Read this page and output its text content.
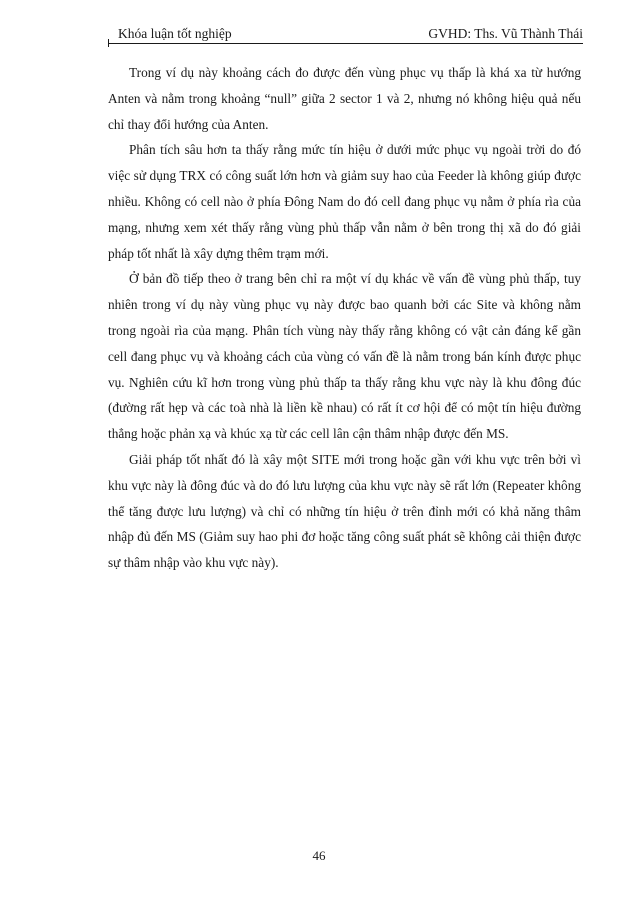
Khóa luận tốt nghiệp	GVHD: Ths. Vũ Thành Thái

Trong ví dụ này khoảng cách đo được đến vùng phục vụ thấp là khá xa từ hướng Anten và nằm trong khoảng “null” giữa 2 sector 1 và 2, nhưng nó không hiệu quả nếu chỉ thay đổi hướng của Anten.

Phân tích sâu hơn ta thấy rằng mức tín hiệu ở dưới mức phục vụ ngoài trời do đó việc sử dụng TRX có công suất lớn hơn và giảm suy hao của Feeder là không giúp được nhiều. Không có cell nào ở phía Đông Nam do đó cell đang phục vụ nằm ở phía rìa của mạng, nhưng xem xét thấy rằng vùng phủ thấp vẫn nằm ở bên trong thị xã do đó giải pháp tốt nhất là xây dựng thêm trạm mới.

Ở bản đồ tiếp theo ở trang bên chỉ ra một ví dụ khác về vấn đề vùng phủ thấp, tuy nhiên trong ví dụ này vùng phục vụ này được bao quanh bởi các Site và không nằm trong ngoài rìa của mạng. Phân tích vùng này thấy rằng không có vật cản đáng kể gần cell đang phục vụ và khoảng cách của vùng có vấn đề là nằm trong bán kính được phục vụ. Nghiên cứu kĩ hơn trong vùng phủ thấp ta thấy rằng khu vực này là khu đông đúc (đường rất hẹp và các toà nhà là liền kề nhau) có rất ít cơ hội để có một tín hiệu đường thẳng hoặc phản xạ và khúc xạ từ các cell lân cận thâm nhập được đến MS.

Giải pháp tốt nhất đó là xây một SITE mới trong hoặc gần với khu vực trên bởi vì khu vực này là đông đúc và do đó lưu lượng của khu vực này sẽ rất lớn (Repeater không thể tăng được lưu lượng) và chỉ có những tín hiệu ở trên đỉnh mới có khả năng thâm nhập đủ đến MS (Giảm suy hao phi đơ hoặc tăng công suất phát sẽ không cải thiện được sự thâm nhập vào khu vực này).

46
